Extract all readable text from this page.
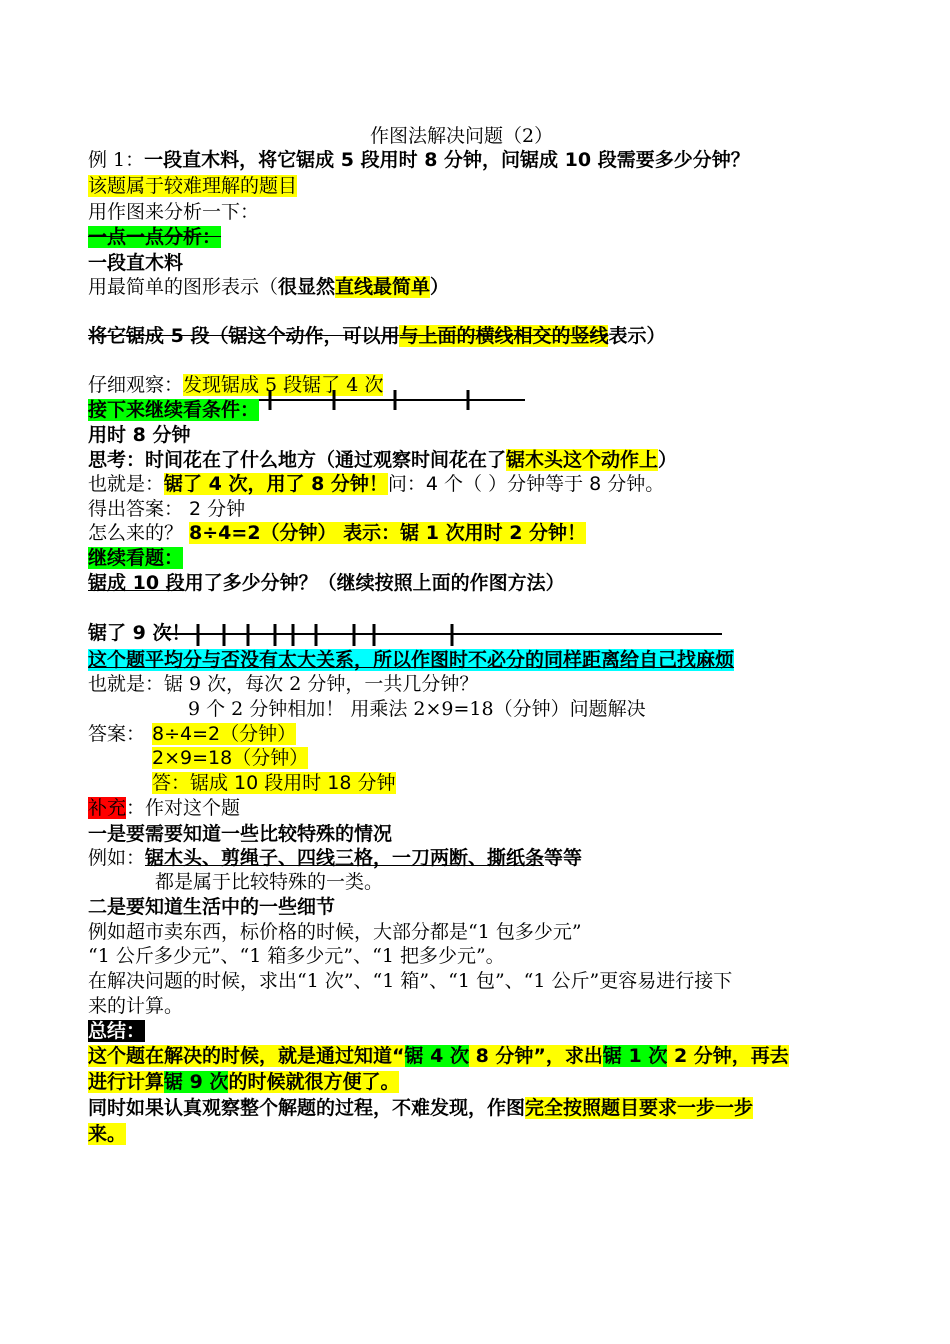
作图法解决问题（2）
例 1：一段直木料，将它锯成 5 段用时 8 分钟，问锯成 10 段需要多少分钟？
该题属于较难理解的题目
用作图来分析一下：
一点一点分析：
一段直木料
用最简单的图形表示（很显然直线最简单）
将它锯成 5 段（锯这个动作，可以用与上面的横线相交的竖线表示）
仔细观察：发现锯成 5 段锯了 4 次
接下来继续看条件：
用时 8 分钟
思考：时间花在了什么地方（通过观察时间花在了锯木头这个动作上）
也就是：锯了 4 次，用了 8 分钟！问：4 个（ ）分钟等于 8 分钟。
得出答案： 2 分钟
怎么来的？ 8÷4=2（分钟） 表示：锯 1 次用时 2 分钟！
继续看题：
锯成 10 段用了多少分钟？（继续按照上面的作图方法）
锯了 9 次！
这个题平均分与否没有太大关系，所以作图时不必分的同样距离给自己找麻烦
也就是：锯 9 次，每次 2 分钟，一共几分钟？
9 个 2 分钟相加！ 用乘法 2×9=18（分钟）问题解决
答案： 8÷4=2（分钟）
2×9=18（分钟）
答：锯成 10 段用时 18 分钟
补充：作对这个题
一是要需要知道一些比较特殊的情况
例如：锯木头、剪绳子、四线三格，一刀两断、撕纸条等等
都是属于比较特殊的一类。
二是要知道生活中的一些细节
例如超市卖东西，标价格的时候，大部分都是“1 包多少元”
“1 公斤多少元”、“1 箱多少元”、“1 把多少元”。
在解决问题的时候，求出“1 次”、“1 箱”、“1 包”、“1 公斤”更容易进行接下
来的计算。
总结：
这个题在解决的时候，就是通过知道“锯 4 次 8 分钟”，求出锯 1 次 2 分钟，再去
进行计算锯 9 次的时候就很方便了。
同时如果认真观察整个解题的过程，不难发现，作图完全按照题目要求一步一步
来。
